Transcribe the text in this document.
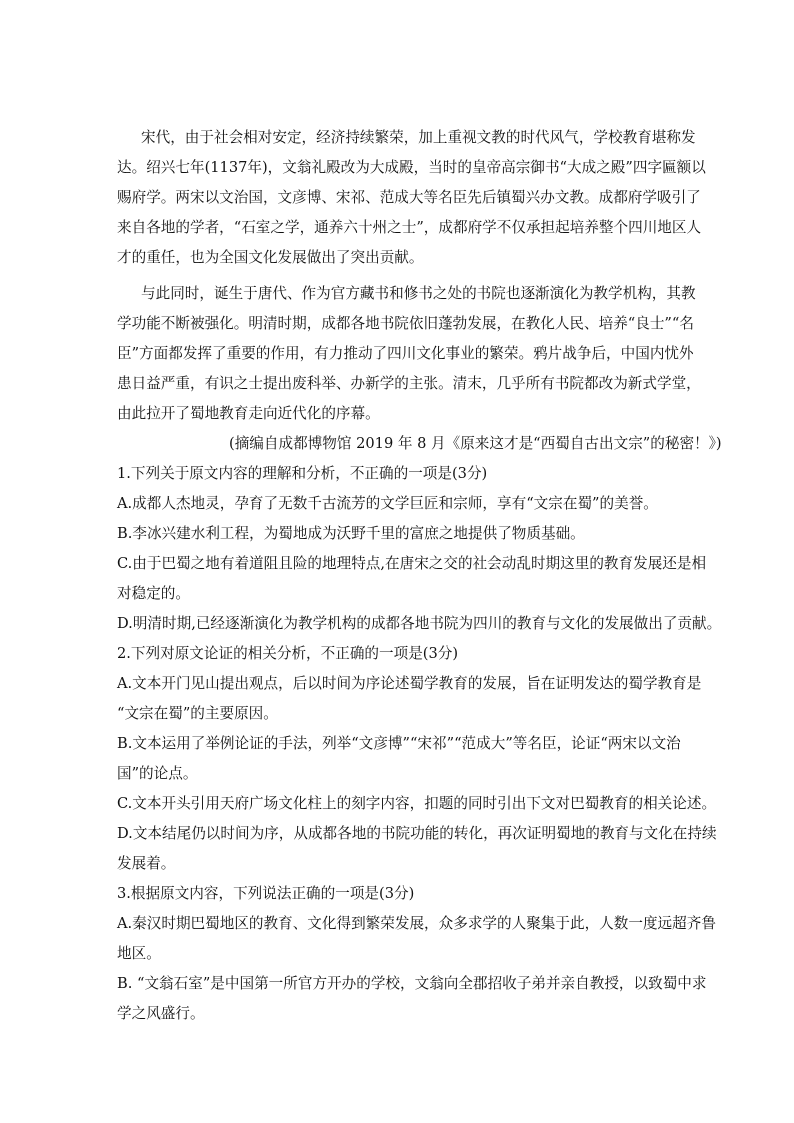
宋代，由于社会相对安定，经济持续繁荣，加上重视文教的时代风气，学校教育堪称发
达。绍兴七年(1137年)，文翁礼殿改为大成殿，当时的皇帝高宗御书“大成之殿”四字匾额以
赐府学。两宋以文治国，文彦博、宋祁、范成大等名臣先后镇蜀兴办文教。成都府学吸引了
来自各地的学者，“石室之学，通养六十州之士”，成都府学不仅承担起培养整个四川地区人
才的重任，也为全国文化发展做出了突出贡献。
与此同时，诞生于唐代、作为官方藏书和修书之处的书院也逐渐演化为教学机构，其教
学功能不断被强化。明清时期，成都各地书院依旧蓬勃发展，在教化人民、培养“良士”“名
臣”方面都发挥了重要的作用，有力推动了四川文化事业的繁荣。鸦片战争后，中国内忧外
患日益严重，有识之士提出废科举、办新学的主张。清末，几乎所有书院都改为新式学堂，
由此拉开了蜀地教育走向近代化的序幕。
(摘编自成都博物馆 2019 年 8 月《原来这才是“西蜀自古出文宗”的秘密！》)
1.下列关于原文内容的理解和分析，不正确的一项是(3分)
A.成都人杰地灵，孕育了无数千古流芳的文学巨匠和宗师，享有“文宗在蜀”的美誉。
B.李冰兴建水利工程，为蜀地成为沃野千里的富庶之地提供了物质基础。
C.由于巴蜀之地有着道阻且险的地理特点,在唐宋之交的社会动乱时期这里的教育发展还是相
对稳定的。
D.明清时期,已经逐渐演化为教学机构的成都各地书院为四川的教育与文化的发展做出了贡献。
2.下列对原文论证的相关分析，不正确的一项是(3分)
A.文本开门见山提出观点，后以时间为序论述蜀学教育的发展，旨在证明发达的蜀学教育是
“文宗在蜀”的主要原因。
B.文本运用了举例论证的手法，列举“文彦博”“宋祁”“范成大”等名臣，论证“两宋以文治
国”的论点。
C.文本开头引用天府广场文化柱上的刻字内容，扣题的同时引出下文对巴蜀教育的相关论述。
D.文本结尾仍以时间为序，从成都各地的书院功能的转化，再次证明蜀地的教育与文化在持续
发展着。
3.根据原文内容，下列说法正确的一项是(3分)
A.秦汉时期巴蜀地区的教育、文化得到繁荣发展，众多求学的人聚集于此，人数一度远超齐鲁
地区。
B. “文翁石室”是中国第一所官方开办的学校，文翁向全郡招收子弟并亲自教授，以致蜀中求
学之风盛行。
